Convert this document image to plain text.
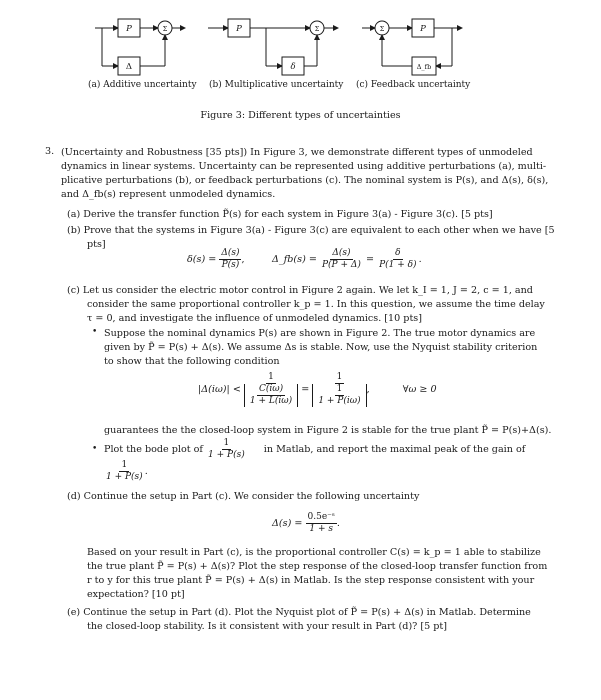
P	Σ
Δ
P	Σ
δ
Σ	P
Δ_fb
(a) Additive uncertainty (b) Multiplicative uncertainty (c) Feedback uncertainty
Figure 3: Different types of uncertainties
3. (Uncertainty and Robustness [35 pts]) In Figure 3, we demonstrate different types of unmodeled
dynamics in linear systems. Uncertainty can be represented using additive perturbations (a), multi-
plicative perturbations (b), or feedback perturbations (c). The nominal system is P(s), and Δ(s), δ(s),
and Δ_fb(s) represent unmodeled dynamics.
(a) Derive the transfer function P̃(s) for each system in Figure 3(a) - Figure 3(c). [5 pts]
(b) Prove that the systems in Figure 3(a) - Figure 3(c) are equivalent to each other when we have [5
pts]
$\delta(s) = \frac{\Delta(s)}{P(s)}$ ,	Δ_fb(s) = $\frac{\Delta(s)}{P(P + \Delta)} = \frac{\delta}{P(1 + \delta)}$ .
(c) Let us consider the electric motor control in Figure 2 again. We let k_I = 1, J = 2, c = 1, and
consider the same proportional controller k_p = 1. In this question, we assume the time delay
τ = 0, and investigate the influence of unmodeled dynamics. [10 pts]
• Suppose the nominal dynamics P(s) are shown in Figure 2. The true motor dynamics are
given by P̃ = P(s) + Δ(s). We assume Δs is stable. Now, use the Nyquist stability criterion
to show that the following condition
$|\Delta(i\omega)| < \frac{1}{\frac{C(i\omega)}{1 + L(i\omega)}} = \frac{1}{\frac{1}{1 + P(i\omega)}}$ ,	∀ω ≥ 0
guarantees the the closed-loop system in Figure 2 is stable for the true plant P̃ = P(s)+Δ(s).
• Plot the bode plot of $\frac{1}{1 + P(s)}$ in Matlab, and report the maximal peak of the gain of
$\frac{1}{1 + P(s)}$ .
(d) Continue the setup in Part (c). We consider the following uncertainty
$\Delta(s) = \frac{\text{0.5e⁻ˢ}}{1 + s}$ .
Based on your result in Part (c), is the proportional controller C(s) = k_p = 1 able to stabilize
the true plant P̃ = P(s) + Δ(s)? Plot the step response of the closed-loop transfer function from
r to y for this true plant P̃ = P(s) + Δ(s) in Matlab. Is the step response consistent with your
expectation? [10 pt]
(e) Continue the setup in Part (d). Plot the Nyquist plot of P̃ = P(s) + Δ(s) in Matlab. Determine
the closed-loop stability. Is it consistent with your result in Part (d)? [5 pt]
